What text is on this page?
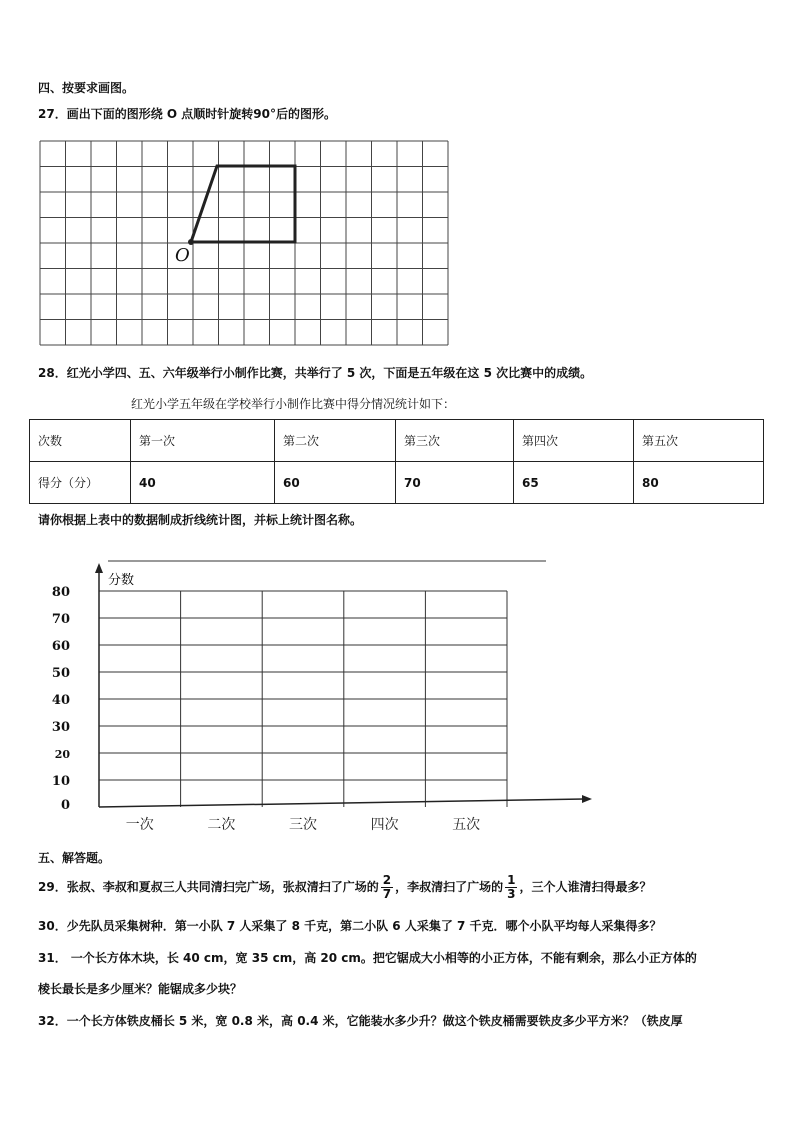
四、按要求画图。
27．画出下面的图形绕 O 点顺时针旋转90°后的图形。
O
28．红光小学四、五、六年级举行小制作比赛，共举行了 5 次，下面是五年级在这 5 次比赛中的成绩。
红光小学五年级在学校举行小制作比赛中得分情况统计如下：
次数	第一次	第二次	第三次	第四次	第五次
得分（分）	40	60	70	65	80
请你根据上表中的数据制成折线统计图，并标上统计图名称。
分数
一次	二次	三次	四次	五次
80
70
60
50
40
30
20
10
0
五、解答题。
29．张叔、李叔和夏叔三人共同清扫完广场，张叔清扫了广场的 $\frac{2}{7}$ ，李叔清扫了广场的 $\frac{1}{3}$ ，三个人谁清扫得最多？
30．少先队员采集树种．第一小队 7 人采集了 8 千克，第二小队 6 人采集了 7 千克．哪个小队平均每人采集得多？
31． 一个长方体木块，长 40 cm，宽 35 cm，高 20 cm。把它锯成大小相等的小正方体，不能有剩余，那么小正方体的
棱长最长是多少厘米？能锯成多少块？
32．一个长方体铁皮桶长 5 米，宽 0.8 米，高 0.4 米，它能装水多少升？做这个铁皮桶需要铁皮多少平方米？（铁皮厚
